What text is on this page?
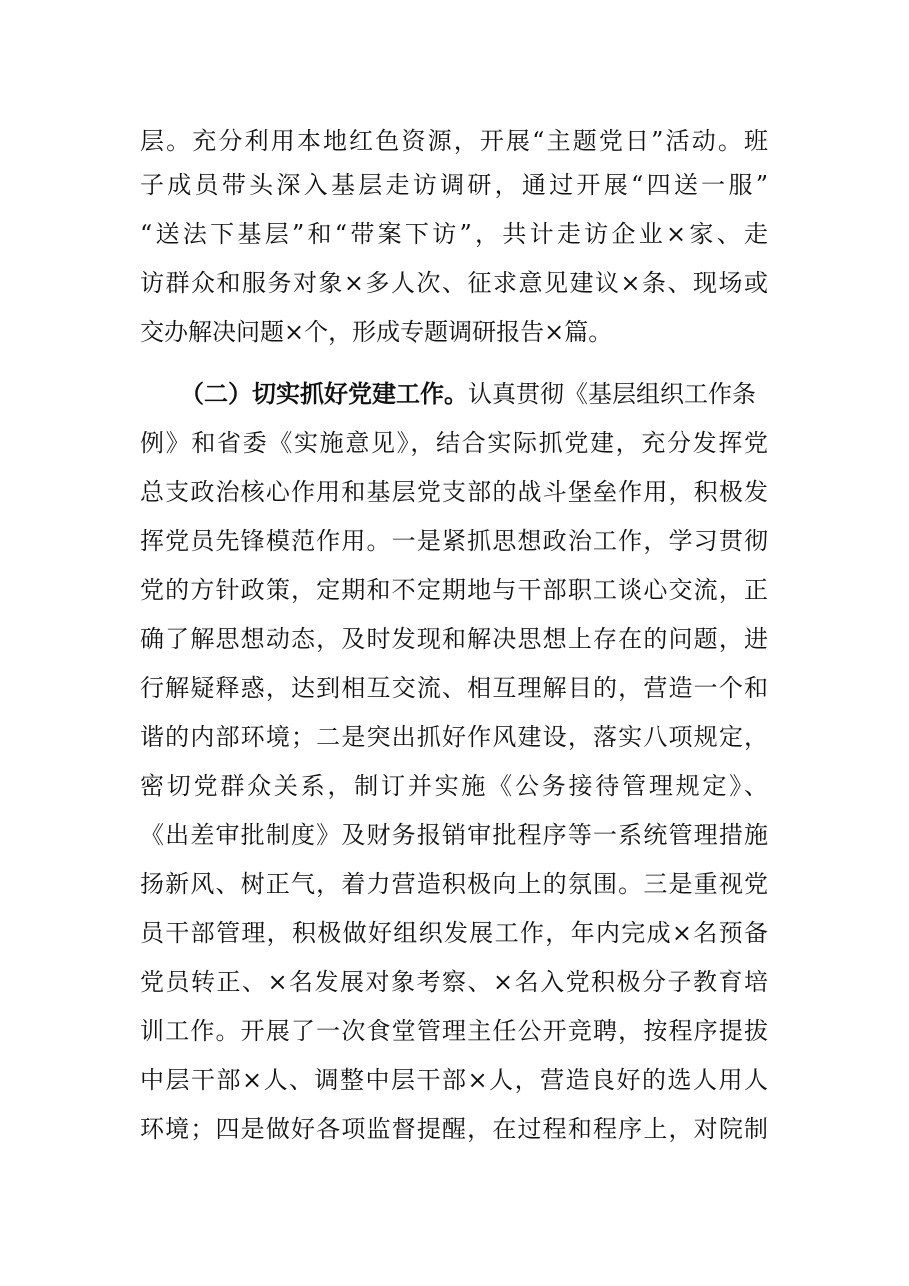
层。充分利用本地红色资源，开展“主题党日”活动。班
子成员带头深入基层走访调研，通过开展“四送一服”
“送法下基层”和“带案下访”，共计走访企业×家、走
访群众和服务对象×多人次、征求意见建议×条、现场或
交办解决问题×个，形成专题调研报告×篇。
（二）切实抓好党建工作。认真贯彻《基层组织工作条
例》和省委《实施意见》，结合实际抓党建，充分发挥党
总支政治核心作用和基层党支部的战斗堡垒作用，积极发
挥党员先锋模范作用。一是紧抓思想政治工作，学习贯彻
党的方针政策，定期和不定期地与干部职工谈心交流，正
确了解思想动态，及时发现和解决思想上存在的问题，进
行解疑释惑，达到相互交流、相互理解目的，营造一个和
谐的内部环境；二是突出抓好作风建设，落实八项规定，
密切党群众关系，制订并实施《公务接待管理规定》、
《出差审批制度》及财务报销审批程序等一系统管理措施
扬新风、树正气，着力营造积极向上的氛围。三是重视党
员干部管理，积极做好组织发展工作，年内完成×名预备
党员转正、×名发展对象考察、×名入党积极分子教育培
训工作。开展了一次食堂管理主任公开竞聘，按程序提拔
中层干部×人、调整中层干部×人，营造良好的选人用人
环境；四是做好各项监督提醒，在过程和程序上，对院制
